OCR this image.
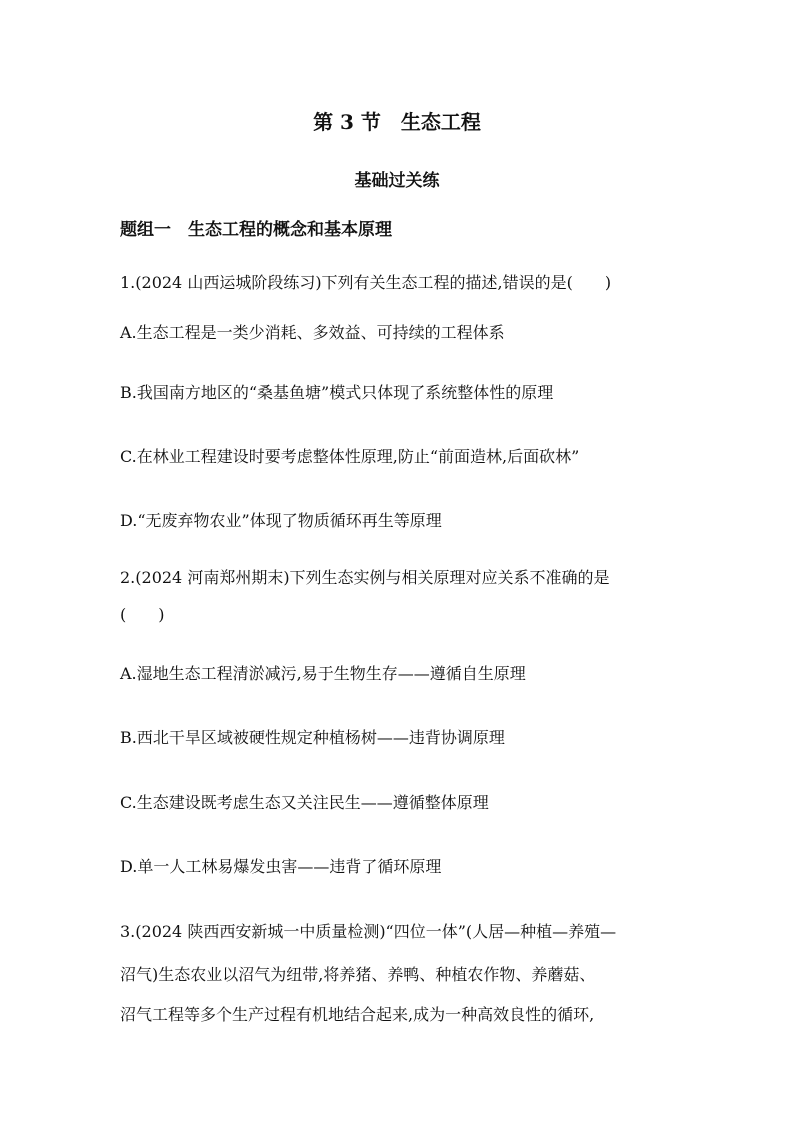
第 3 节　生态工程
基础过关练
题组一　生态工程的概念和基本原理
1.(2024 山西运城阶段练习)下列有关生态工程的描述,错误的是(　　)
A.生态工程是一类少消耗、多效益、可持续的工程体系
B.我国南方地区的“桑基鱼塘”模式只体现了系统整体性的原理
C.在林业工程建设时要考虑整体性原理,防止“前面造林,后面砍林”
D.“无废弃物农业”体现了物质循环再生等原理
2.(2024 河南郑州期末)下列生态实例与相关原理对应关系不准确的是
(　　)
A.湿地生态工程清淤减污,易于生物生存——遵循自生原理
B.西北干旱区域被硬性规定种植杨树——违背协调原理
C.生态建设既考虑生态又关注民生——遵循整体原理
D.单一人工林易爆发虫害——违背了循环原理
3.(2024 陕西西安新城一中质量检测)“四位一体”(人居—种植—养殖—
沼气)生态农业以沼气为纽带,将养猪、养鸭、种植农作物、养蘑菇、
沼气工程等多个生产过程有机地结合起来,成为一种高效良性的循环,
